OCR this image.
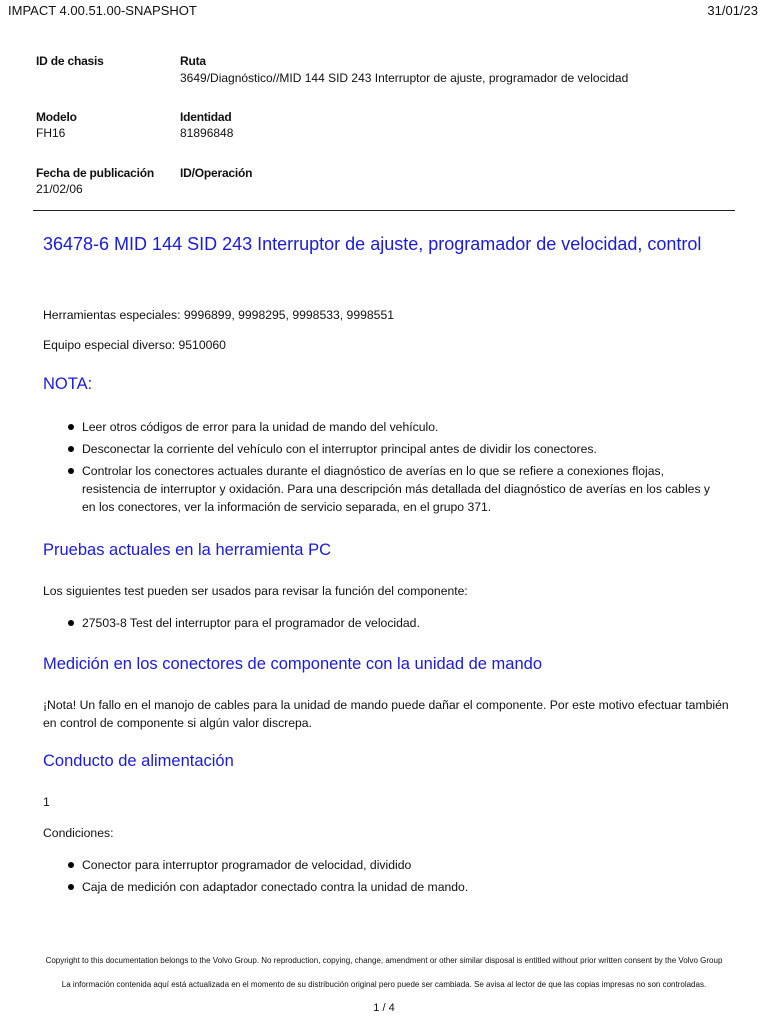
IMPACT 4.00.51.00-SNAPSHOT	31/01/23
ID de chasis	Ruta
3649/Diagnóstico//MID 144 SID 243 Interruptor de ajuste, programador de velocidad
Modelo
FH16
Identidad
81896848
Fecha de publicación
21/02/06
ID/Operación
36478-6 MID 144 SID 243 Interruptor de ajuste, programador de velocidad, control

Herramientas especiales: 9996899, 9998295, 9998533, 9998551

Equipo especial diverso: 9510060

NOTA:
Leer otros códigos de error para la unidad de mando del vehículo.
Desconectar la corriente del vehículo con el interruptor principal antes de dividir los conectores.
Controlar los conectores actuales durante el diagnóstico de averías en lo que se refiere a conexiones flojas, resistencia de interruptor y oxidación. Para una descripción más detallada del diagnóstico de averías en los cables y en los conectores, ver la información de servicio separada, en el grupo 371.
Pruebas actuales en la herramienta PC

Los siguientes test pueden ser usados para revisar la función del componente:

27503-8 Test del interruptor para el programador de velocidad.
Medición en los conectores de componente con la unidad de mando

¡Nota! Un fallo en el manojo de cables para la unidad de mando puede dañar el componente. Por este motivo efectuar también en control de componente si algún valor discrepa.

Conducto de alimentación

1

Condiciones:

Conector para interruptor programador de velocidad, dividido
Caja de medición con adaptador conectado contra la unidad de mando.
Copyright to this documentation belongs to the Volvo Group. No reproduction, copying, change, amendment or other similar disposal is entitled without prior written consent by the Volvo Group
La información contenida aquí está actualizada en el momento de su distribución original pero puede ser cambiada. Se avisa al lector de que las copias impresas no son controladas.
1 / 4
